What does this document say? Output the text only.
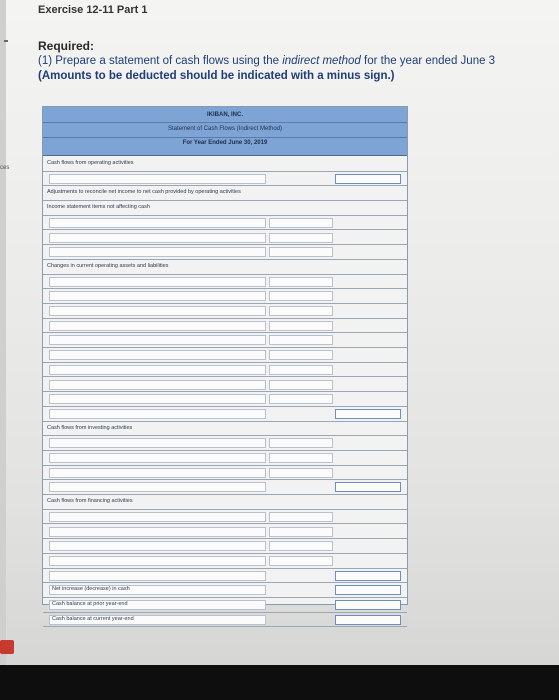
ces
Exercise 12-11 Part 1
Required:
(1) Prepare a statement of cash flows using the indirect method for the year ended June 3
(Amounts to be deducted should be indicated with a minus sign.)
IKIBAN, INC.
Statement of Cash Flows (Indirect Method)
For Year Ended June 30, 2019
Cash flows from operating activities
Adjustments to reconcile net income to net cash provided by operating activities
Income statement items not affecting cash
Changes in current operating assets and liabilities
Cash flows from investing activities
Cash flows from financing activities
Net increase (decrease) in cash
Cash balance at prior year-end
Cash balance at current year-end
